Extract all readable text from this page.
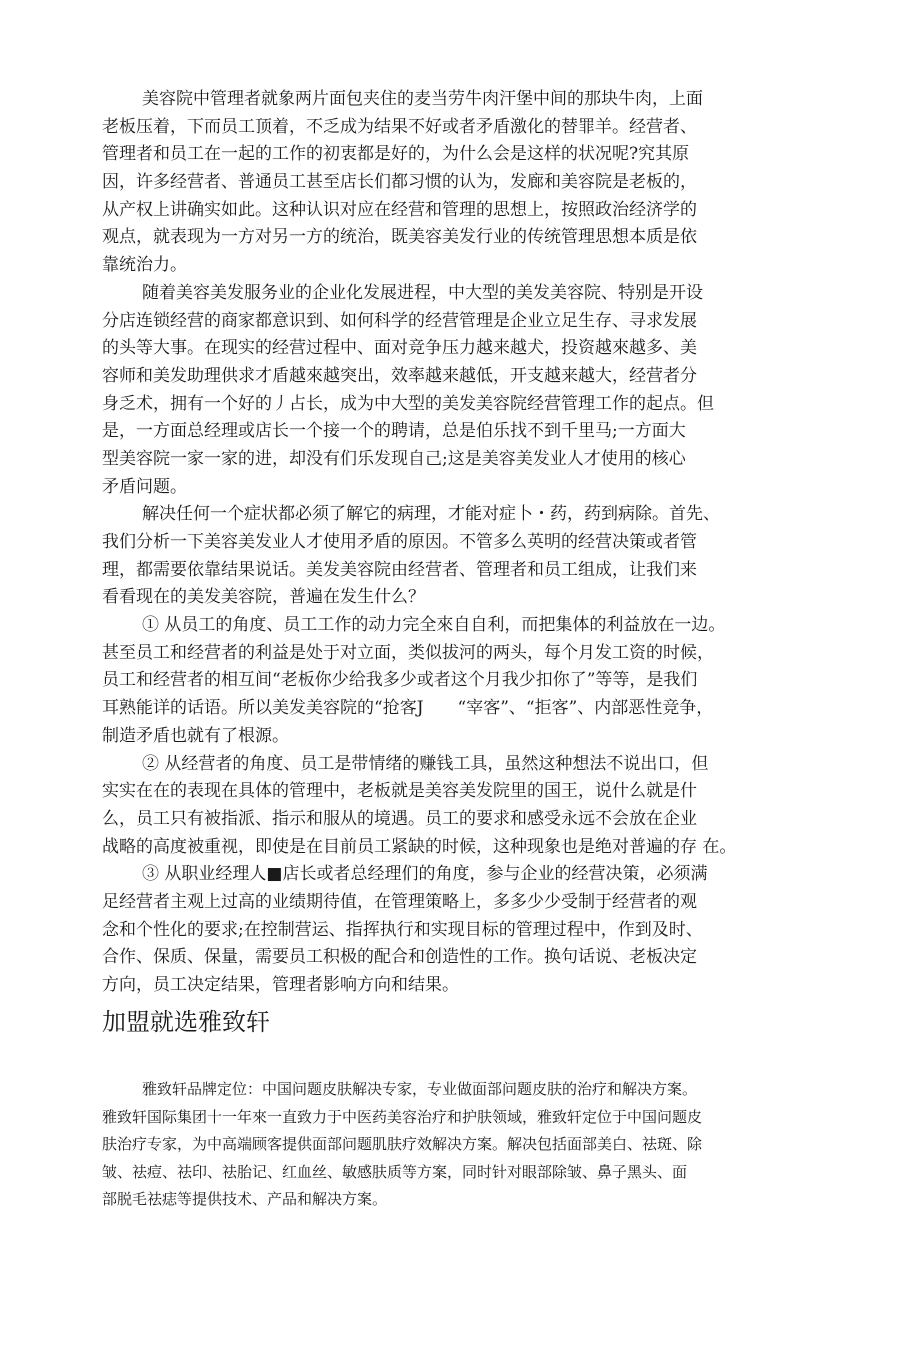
美容院中管理者就象两片面包夹住的麦当劳牛肉汗堡中间的那块牛肉，上面
老板压着，下而员工顶着，不乏成为结果不好或者矛盾激化的替罪羊。经营者、
管理者和员工在一起的工作的初衷都是好的，为什么会是这样的状况呢?究其原
因，许多经营者、普通员工甚至店长们都习惯的认为，发廊和美容院是老板的，
从产权上讲确实如此。这种认识对应在经营和管理的思想上，按照政治经济学的
观点，就表现为一方对另一方的统治，既美容美发行业的传统管理思想本质是依
靠统治力。
随着美容美发服务业的企业化发展进程，中大型的美发美容院、特别是开设
分店连锁经营的商家都意识到、如何科学的经营管理是企业立足生存、寻求发展
的头等大事。在现实的经营过程中、面对竞争压力越来越犬，投资越來越多、美
容师和美发助理供求才盾越來越突出，效率越来越低，开支越来越大，经营者分
身乏术，拥有一个好的丿占长，成为中大型的美发美容院经营管理工作的起点。但
是，一方面总经理或店长一个接一个的聘请，总是伯乐找不到千里马;一方面大
型美容院一家一家的进，却没有们乐发现自己;这是美容美发业人才使用的核心
矛盾问题。
解决任何一个症状都必须了解它的病理，才能对症卜・药，药到病除。首先、
我们分析一下美容美发业人才使用矛盾的原因。不管多么英明的经营决策或者管
理，都需要依靠结果说话。美发美容院由经营者、管理者和员工组成，让我们来
看看现在的美发美容院，普遍在发生什么？
① 从员工的角度、员工工作的动力完全來自自利，而把集体的利益放在一边。
甚至员工和经营者的利益是处于对立面，类似拔河的两头，每个月发工资的时候，
员工和经营者的相互间“老板你少给我多少或者这个月我少扣你了”等等，是我们
耳熟能详的话语。所以美发美容院的“抢客J　　“宰客”、“拒客”、内部恶性竞争，
制造矛盾也就有了根源。
② 从经营者的角度、员工是带情绪的赚钱工具，虽然这种想法不说出口，但
实实在在的表现在具体的管理中，老板就是美容美发院里的国王，说什么就是什
么，员工只有被指派、指示和服从的境遇。员工的要求和感受永远不会放在企业
战略的高度被重视，即使是在目前员工紧缺的时候，这种现象也是绝对普遍的存 在。
③ 从职业经理人■店长或者总经理们的角度，参与企业的经营决策，必须满
足经营者主观上过高的业绩期待值，在管理策略上，多多少少受制于经营者的观
念和个性化的要求;在控制营运、指挥执行和实现目标的管理过程中，作到及时、
合作、保质、保量，需要员工积极的配合和创造性的工作。换句话说、老板决定
方向，员工决定结果，管理者影响方向和结果。
加盟就选雅致轩
雅致轩品牌定位：中国问题皮肤解决专家，专业做面部问题皮肤的治疗和解决方案。
雅致轩国际集团十一年來一直致力于中医药美容治疗和护肤领域，雅致轩定位于中国问题皮
肤治疗专家，为中高端顾客提供面部问题肌肤疗效解决方案。解决包括面部美白、祛斑、除
皱、祛痘、祛印、祛胎记、红血丝、敏感肤质等方案，同时针对眼部除皱、鼻子黑头、面
部脱毛祛痣等提供技术、产品和解决方案。
